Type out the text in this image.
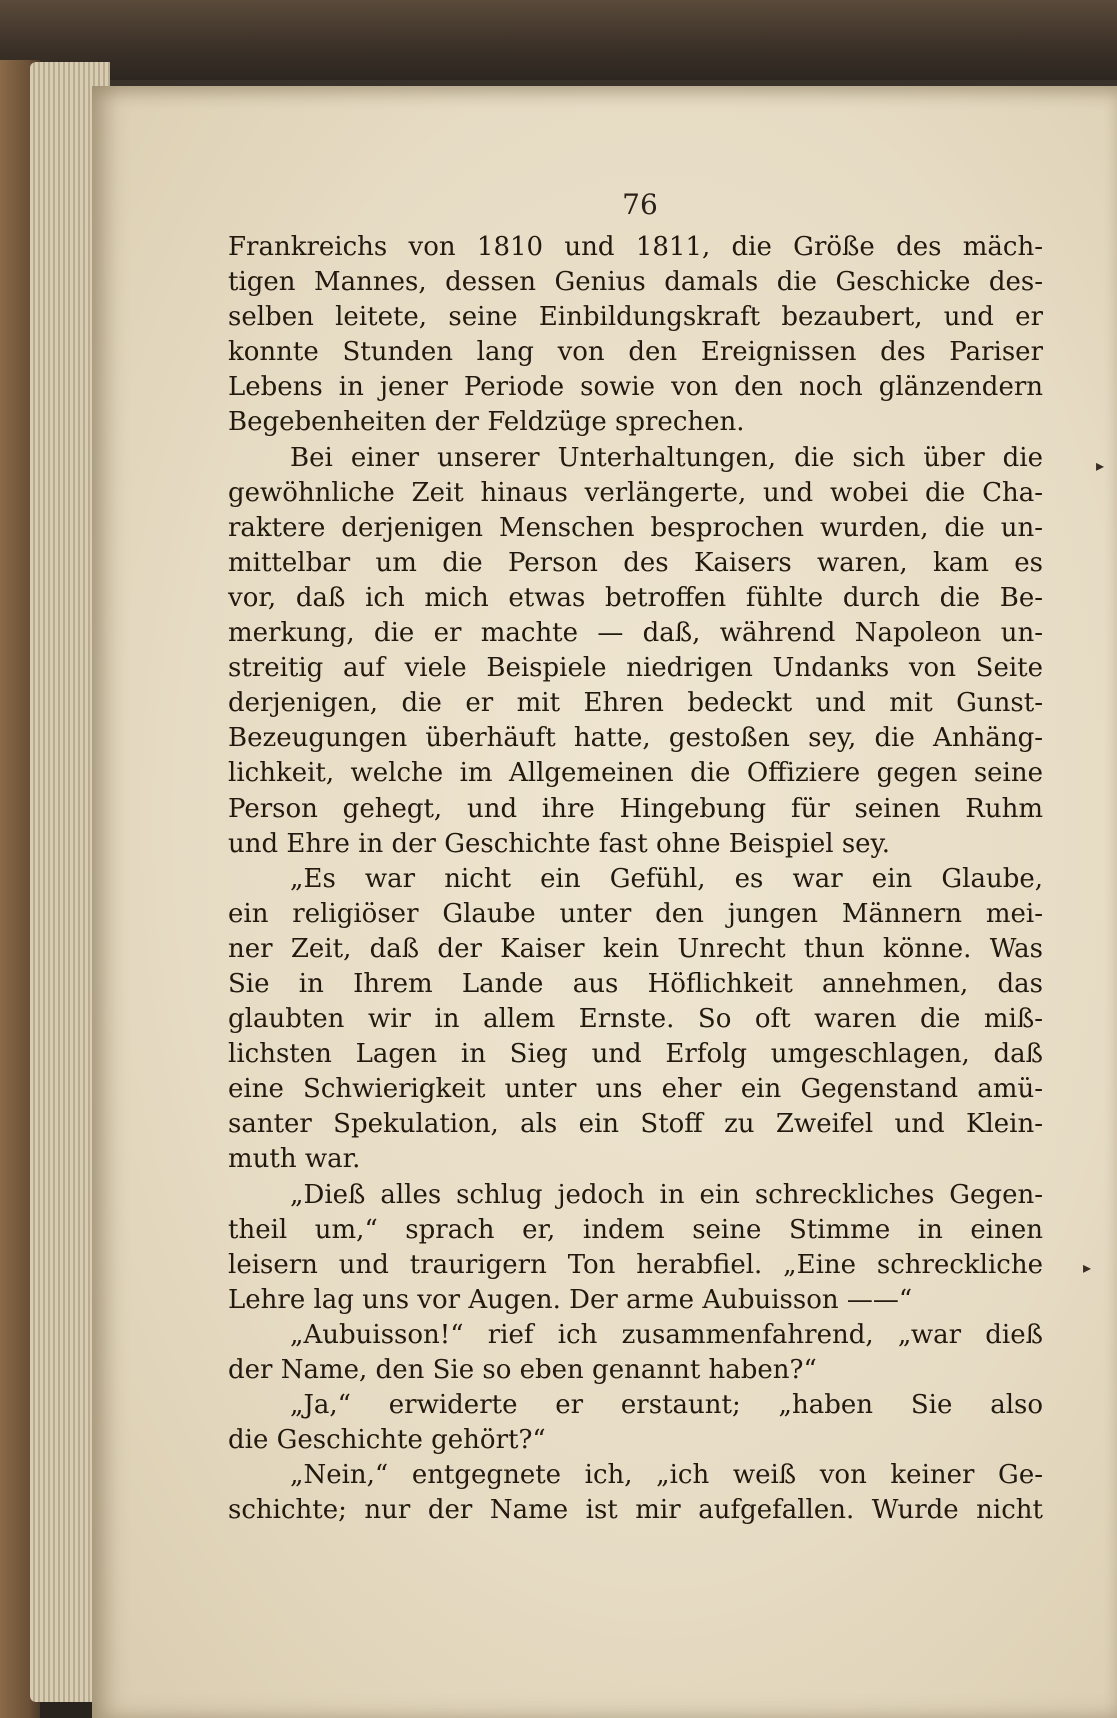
76
Frankreichs von 1810 und 1811, die Größe des mäch-
tigen Mannes, dessen Genius damals die Geschicke des-
selben leitete, seine Einbildungskraft bezaubert, und er
konnte Stunden lang von den Ereignissen des Pariser
Lebens in jener Periode sowie von den noch glänzendern
Begebenheiten der Feldzüge sprechen.
Bei einer unserer Unterhaltungen, die sich über die
gewöhnliche Zeit hinaus verlängerte, und wobei die Cha-
raktere derjenigen Menschen besprochen wurden, die un-
mittelbar um die Person des Kaisers waren, kam es
vor, daß ich mich etwas betroffen fühlte durch die Be-
merkung, die er machte — daß, während Napoleon un-
streitig auf viele Beispiele niedrigen Undanks von Seite
derjenigen, die er mit Ehren bedeckt und mit Gunst-
Bezeugungen überhäuft hatte, gestoßen sey, die Anhäng-
lichkeit, welche im Allgemeinen die Offiziere gegen seine
Person gehegt, und ihre Hingebung für seinen Ruhm
und Ehre in der Geschichte fast ohne Beispiel sey.
„Es war nicht ein Gefühl, es war ein Glaube,
ein religiöser Glaube unter den jungen Männern mei-
ner Zeit, daß der Kaiser kein Unrecht thun könne. Was
Sie in Ihrem Lande aus Höflichkeit annehmen, das
glaubten wir in allem Ernste. So oft waren die miß-
lichsten Lagen in Sieg und Erfolg umgeschlagen, daß
eine Schwierigkeit unter uns eher ein Gegenstand amü-
santer Spekulation, als ein Stoff zu Zweifel und Klein-
muth war.
„Dieß alles schlug jedoch in ein schreckliches Gegen-
theil um,“ sprach er, indem seine Stimme in einen
leisern und traurigern Ton herabfiel. „Eine schreckliche
Lehre lag uns vor Augen. Der arme Aubuisson ——“
„Aubuisson!“ rief ich zusammenfahrend, „war dieß
der Name, den Sie so eben genannt haben?“
„Ja,“ erwiderte er erstaunt; „haben Sie also
die Geschichte gehört?“
„Nein,“ entgegnete ich, „ich weiß von keiner Ge-
schichte; nur der Name ist mir aufgefallen. Wurde nicht
▸
▸
